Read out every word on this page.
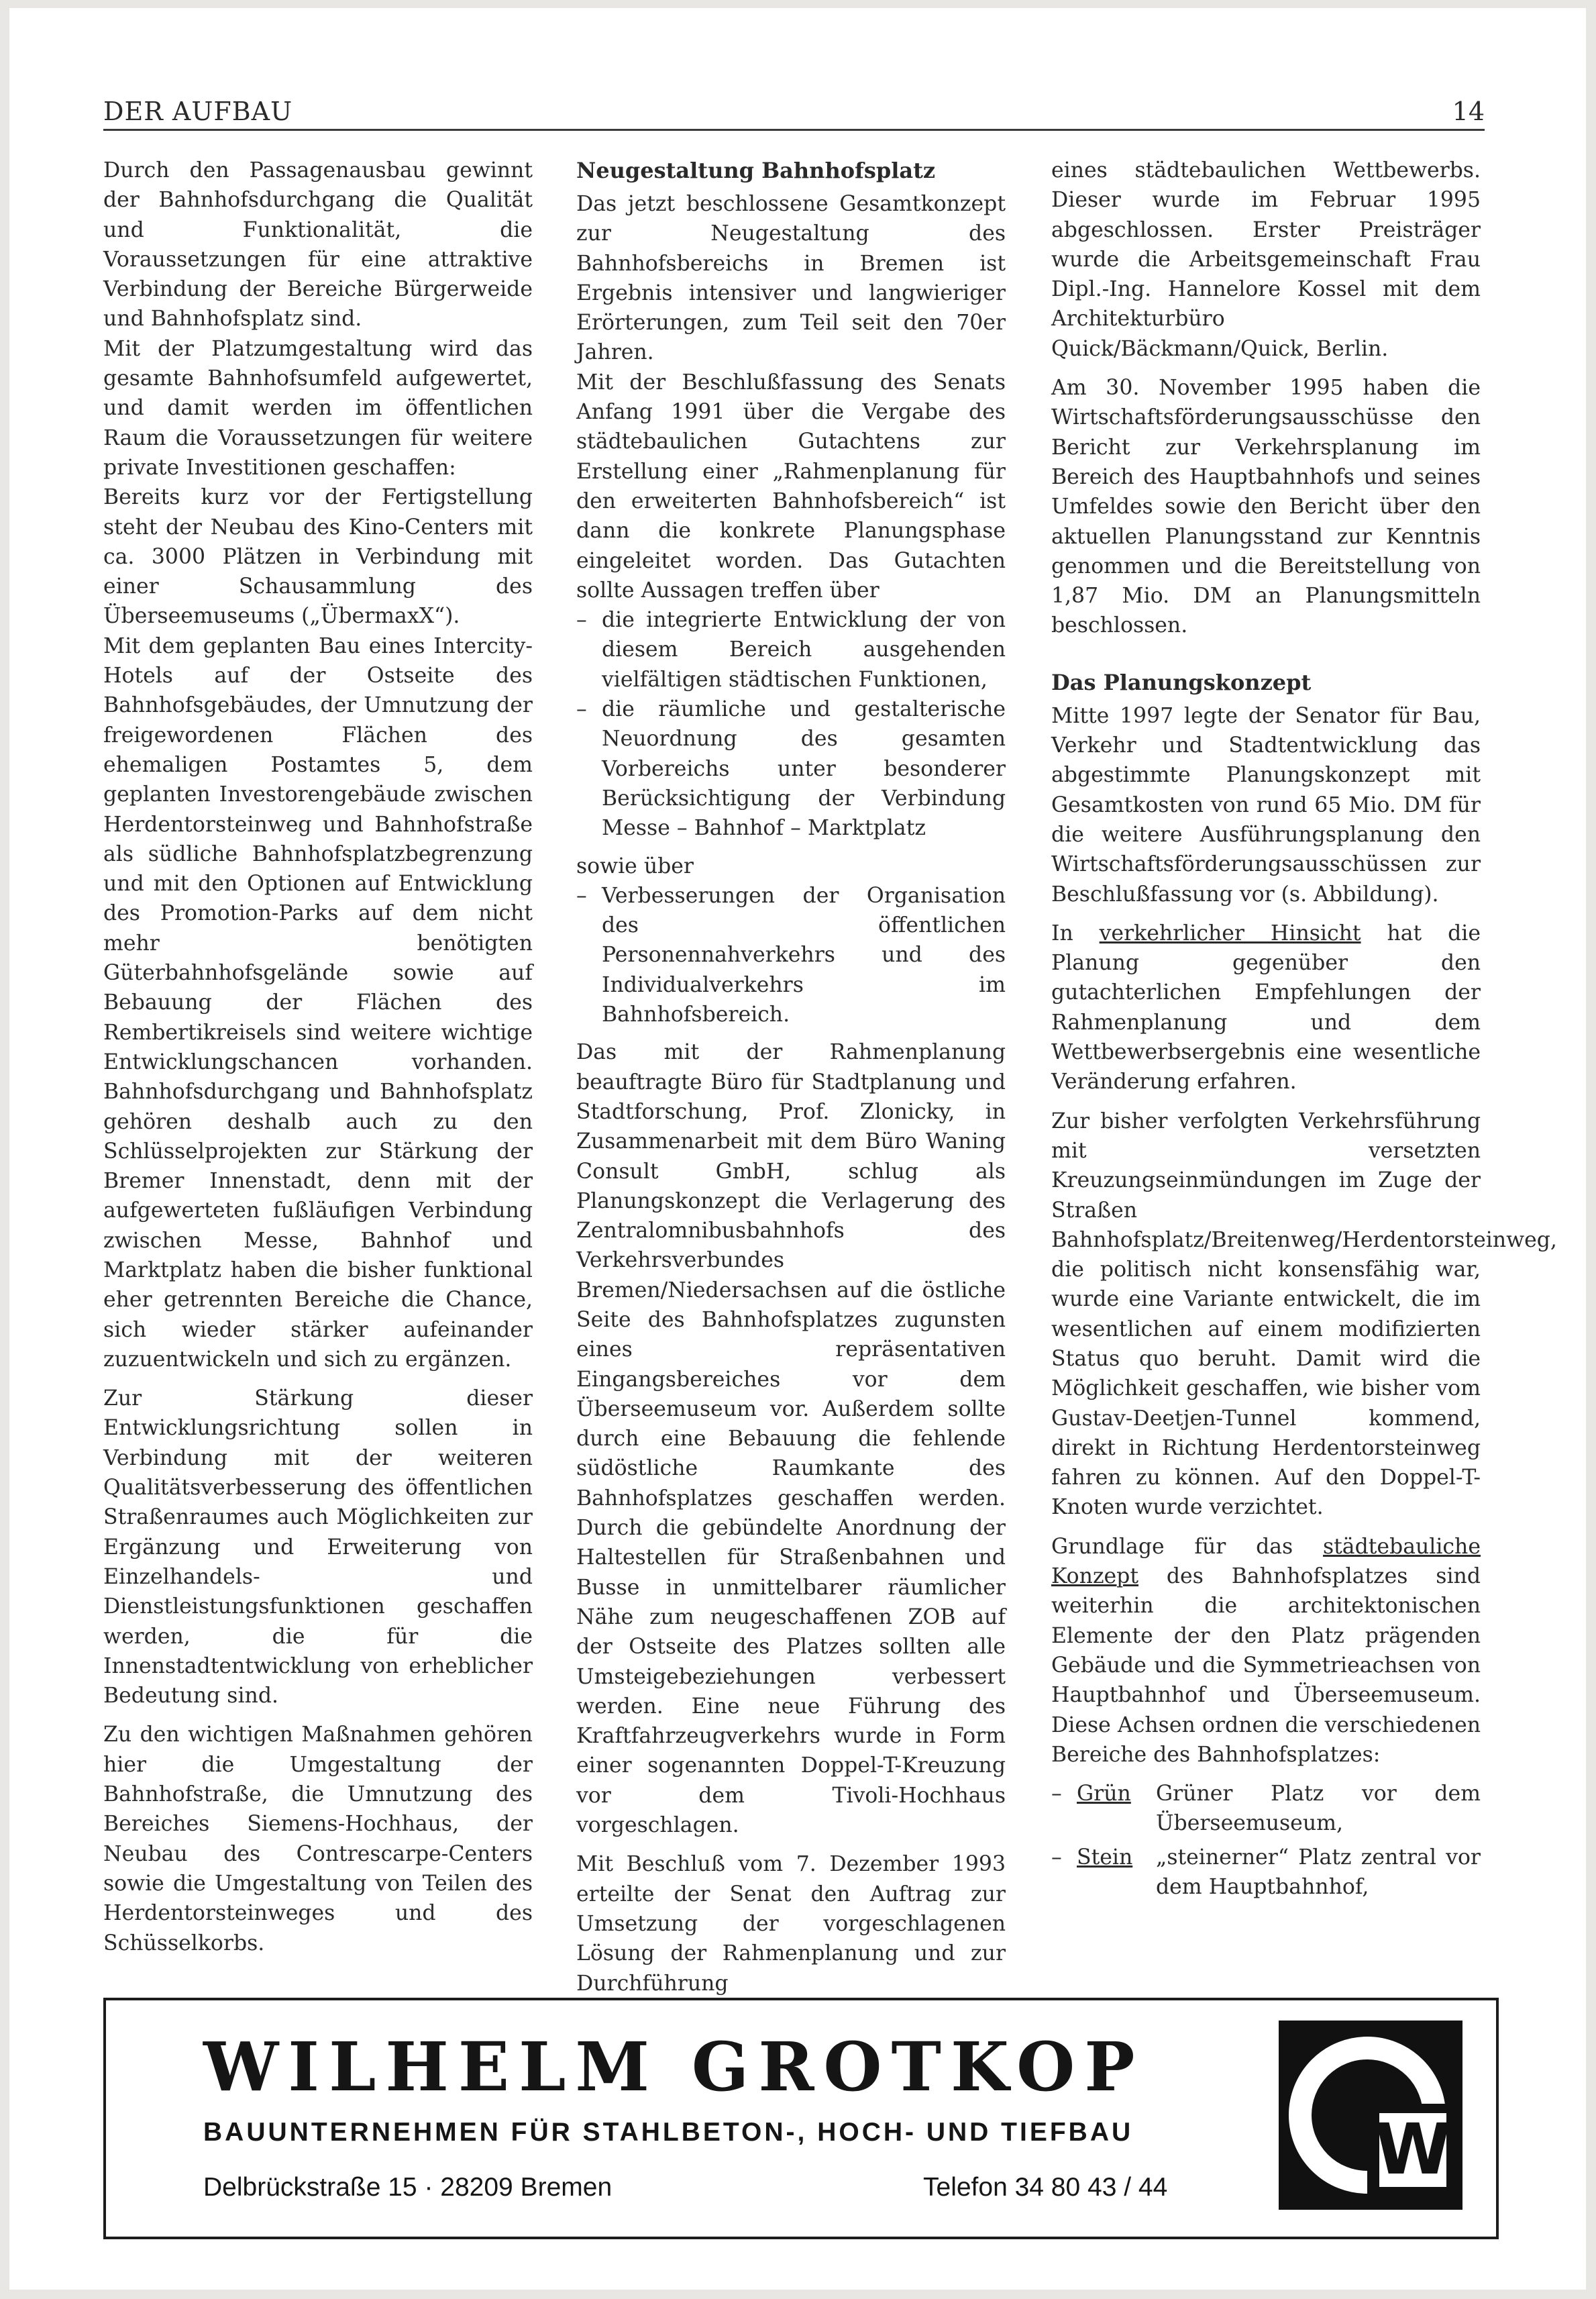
DER AUFBAU	14

Durch den Passagenausbau gewinnt der Bahnhofsdurchgang die Qualität und Funktionalität, die Voraussetzungen für eine attraktive Verbindung der Bereiche Bürgerweide und Bahnhofsplatz sind.

Mit der Platzumgestaltung wird das gesamte Bahnhofsumfeld aufgewertet, und damit werden im öffentlichen Raum die Voraussetzungen für weitere private Investitionen geschaffen:

Bereits kurz vor der Fertigstellung steht der Neubau des Kino-Centers mit ca. 3000 Plätzen in Verbindung mit einer Schausammlung des Überseemuseums („ÜbermaxX“).

Mit dem geplanten Bau eines Intercity-Hotels auf der Ostseite des Bahnhofsgebäudes, der Umnutzung der freigewordenen Flächen des ehemaligen Postamtes 5, dem geplanten Investorengebäude zwischen Herdentorsteinweg und Bahnhofstraße als südliche Bahnhofsplatzbegrenzung und mit den Optionen auf Entwicklung des Promotion-Parks auf dem nicht mehr benötigten Güterbahnhofsgelände sowie auf Bebauung der Flächen des Rembertikreisels sind weitere wichtige Entwicklungschancen vorhanden. Bahnhofsdurchgang und Bahnhofsplatz gehören deshalb auch zu den Schlüsselprojekten zur Stärkung der Bremer Innenstadt, denn mit der aufgewerteten fußläufigen Verbindung zwischen Messe, Bahnhof und Marktplatz haben die bisher funktional eher getrennten Bereiche die Chance, sich wieder stärker aufeinander zuzuentwickeln und sich zu ergänzen.

Zur Stärkung dieser Entwicklungsrichtung sollen in Verbindung mit der weiteren Qualitätsverbesserung des öffentlichen Straßenraumes auch Möglichkeiten zur Ergänzung und Erweiterung von Einzelhandels- und Dienstleistungsfunktionen geschaffen werden, die für die Innenstadtentwicklung von erheblicher Bedeutung sind.

Zu den wichtigen Maßnahmen gehören hier die Umgestaltung der Bahnhofstraße, die Umnutzung des Bereiches Siemens-Hochhaus, der Neubau des Contrescarpe-Centers sowie die Umgestaltung von Teilen des Herdentorsteinweges und des Schüsselkorbs.

Neugestaltung Bahnhofsplatz

Das jetzt beschlossene Gesamtkonzept zur Neugestaltung des Bahnhofsbereichs in Bremen ist Ergebnis intensiver und langwieriger Erörterungen, zum Teil seit den 70er Jahren.

Mit der Beschlußfassung des Senats Anfang 1991 über die Vergabe des städtebaulichen Gutachtens zur Erstellung einer „Rahmenplanung für den erweiterten Bahnhofsbereich“ ist dann die konkrete Planungsphase eingeleitet worden. Das Gutachten sollte Aussagen treffen über

– die integrierte Entwicklung der von diesem Bereich ausgehenden vielfältigen städtischen Funktionen,
– die räumliche und gestalterische Neuordnung des gesamten Vorbereichs unter besonderer Berücksichtigung der Verbindung Messe – Bahnhof – Marktplatz

sowie über

– Verbesserungen der Organisation des öffentlichen Personennahverkehrs und des Individualverkehrs im Bahnhofsbereich.

Das mit der Rahmenplanung beauftragte Büro für Stadtplanung und Stadtforschung, Prof. Zlonicky, in Zusammenarbeit mit dem Büro Waning Consult GmbH, schlug als Planungskonzept die Verlagerung des Zentralomnibusbahnhofs des Verkehrsverbundes Bremen/Niedersachsen auf die östliche Seite des Bahnhofsplatzes zugunsten eines repräsentativen Eingangsbereiches vor dem Überseemuseum vor. Außerdem sollte durch eine Bebauung die fehlende südöstliche Raumkante des Bahnhofsplatzes geschaffen werden. Durch die gebündelte Anordnung der Haltestellen für Straßenbahnen und Busse in unmittelbarer räumlicher Nähe zum neugeschaffenen ZOB auf der Ostseite des Platzes sollten alle Umsteigebeziehungen verbessert werden. Eine neue Führung des Kraftfahrzeugverkehrs wurde in Form einer sogenannten Doppel-T-Kreuzung vor dem Tivoli-Hochhaus vorgeschlagen.

Mit Beschluß vom 7. Dezember 1993 erteilte der Senat den Auftrag zur Umsetzung der vorgeschlagenen Lösung der Rahmenplanung und zur Durchführung

eines städtebaulichen Wettbewerbs. Dieser wurde im Februar 1995 abgeschlossen. Erster Preisträger wurde die Arbeitsgemeinschaft Frau Dipl.-Ing. Hannelore Kossel mit dem Architekturbüro Quick/Bäckmann/Quick, Berlin.

Am 30. November 1995 haben die Wirtschaftsförderungsausschüsse den Bericht zur Verkehrsplanung im Bereich des Hauptbahnhofs und seines Umfeldes sowie den Bericht über den aktuellen Planungsstand zur Kenntnis genommen und die Bereitstellung von 1,87 Mio. DM an Planungsmitteln beschlossen.

Das Planungskonzept

Mitte 1997 legte der Senator für Bau, Verkehr und Stadtentwicklung das abgestimmte Planungskonzept mit Gesamtkosten von rund 65 Mio. DM für die weitere Ausführungsplanung den Wirtschaftsförderungsausschüssen zur Beschlußfassung vor (s. Abbildung).

In verkehrlicher Hinsicht hat die Planung gegenüber den gutachterlichen Empfehlungen der Rahmenplanung und dem Wettbewerbsergebnis eine wesentliche Veränderung erfahren.

Zur bisher verfolgten Verkehrsführung mit versetzten Kreuzungseinmündungen im Zuge der Straßen Bahnhofsplatz/Breitenweg/Herdentorsteinweg, die politisch nicht konsensfähig war, wurde eine Variante entwickelt, die im wesentlichen auf einem modifizierten Status quo beruht. Damit wird die Möglichkeit geschaffen, wie bisher vom Gustav-Deetjen-Tunnel kommend, direkt in Richtung Herdentorsteinweg fahren zu können. Auf den Doppel-T-Knoten wurde verzichtet.

Grundlage für das städtebauliche Konzept des Bahnhofsplatzes sind weiterhin die architektonischen Elemente der den Platz prägenden Gebäude und die Symmetrieachsen von Hauptbahnhof und Überseemuseum. Diese Achsen ordnen die verschiedenen Bereiche des Bahnhofsplatzes:

– Grün	Grüner Platz vor dem Überseemuseum,
– Stein	„steinerner“ Platz zentral vor dem Hauptbahnhof,
WILHELM GROTKOP
BAUUNTERNEHMEN FÜR STAHLBETON-, HOCH- UND TIEFBAU
Delbrückstraße 15 · 28209 Bremen	Telefon 34 80 43 / 44	W
